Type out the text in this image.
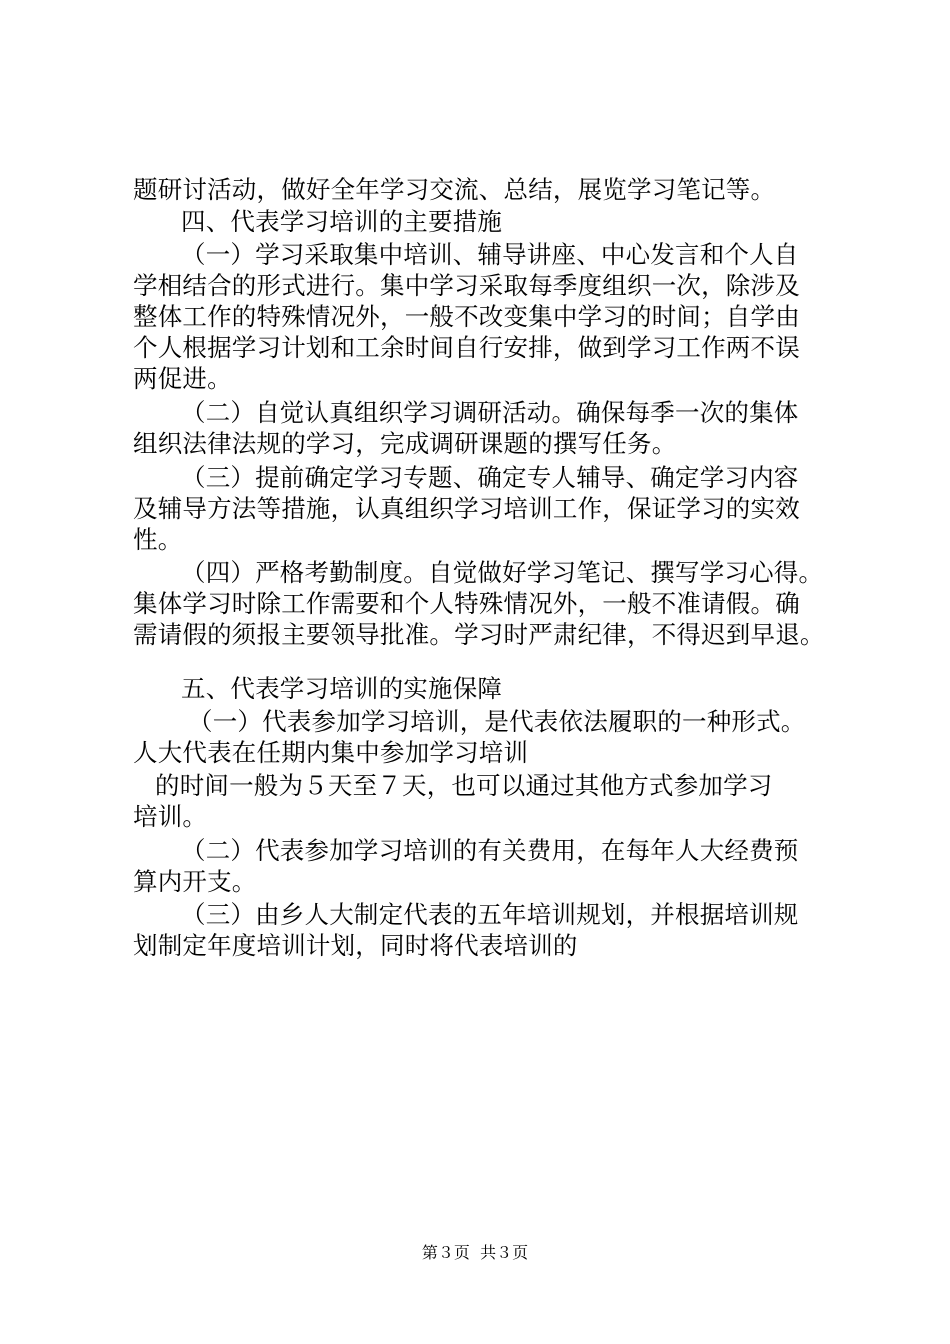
题研讨活动，做好全年学习交流、总结，展览学习笔记等。
四、代表学习培训的主要措施
（一）学习采取集中培训、辅导讲座、中心发言和个人自
学相结合的形式进行。集中学习采取每季度组织一次，除涉及
整体工作的特殊情况外，一般不改变集中学习的时间；自学由
个人根据学习计划和工余时间自行安排，做到学习工作两不误
两促进。
（二）自觉认真组织学习调研活动。确保每季一次的集体
组织法律法规的学习，完成调研课题的撰写任务。
（三）提前确定学习专题、确定专人辅导、确定学习内容
及辅导方法等措施，认真组织学习培训工作，保证学习的实效
性。
（四）严格考勤制度。自觉做好学习笔记、撰写学习心得。
集体学习时除工作需要和个人特殊情况外，一般不准请假。确
需请假的须报主要领导批准。学习时严肃纪律，不得迟到早退。
五、代表学习培训的实施保障
（一）代表参加学习培训，是代表依法履职的一种形式。
人大代表在任期内集中参加学习培训
的时间一般为５天至７天，也可以通过其他方式参加学习
培训。
（二）代表参加学习培训的有关费用，在每年人大经费预
算内开支。
（三）由乡人大制定代表的五年培训规划，并根据培训规
划制定年度培训计划，同时将代表培训的
第３页  共３页
